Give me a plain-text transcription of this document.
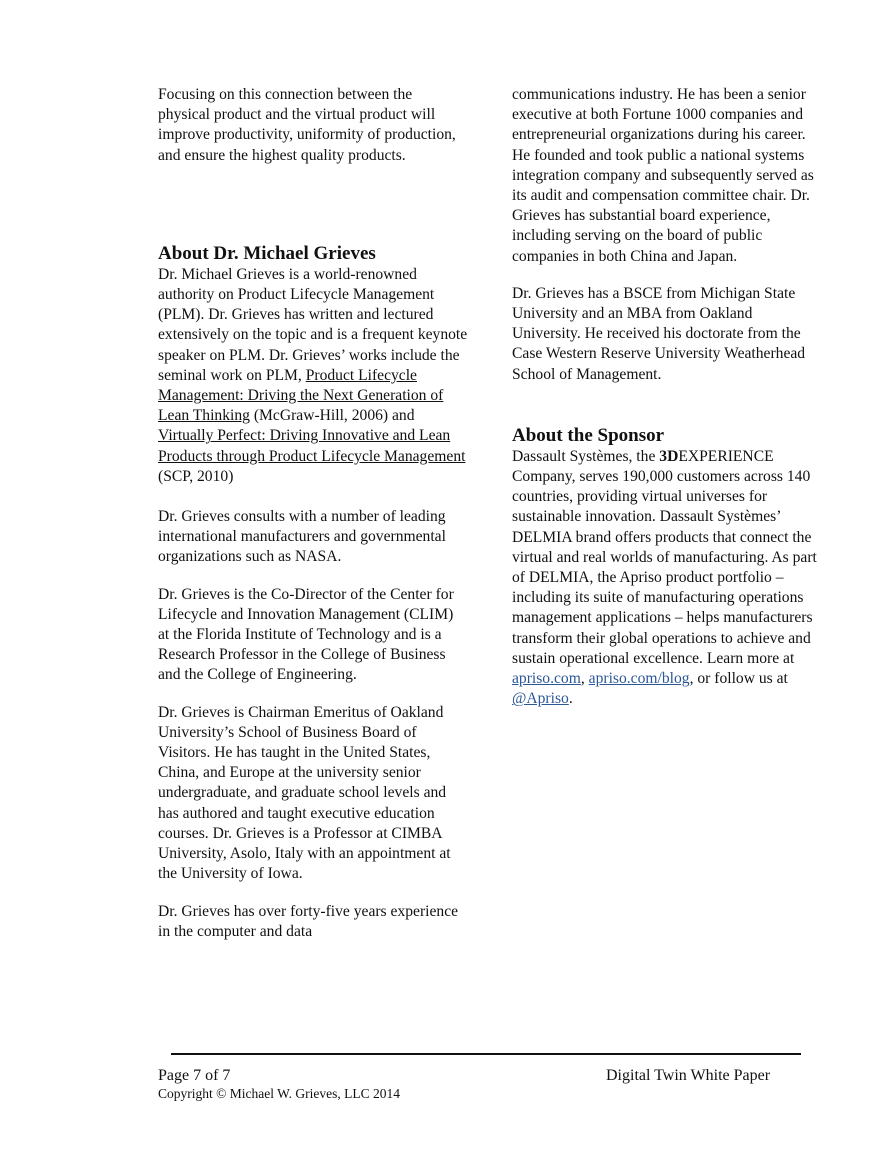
Focusing on this connection between the physical product and the virtual product will improve productivity, uniformity of production, and ensure the highest quality products.

About Dr. Michael Grieves

Dr. Michael Grieves is a world-renowned authority on Product Lifecycle Management (PLM). Dr. Grieves has written and lectured extensively on the topic and is a frequent keynote speaker on PLM. Dr. Grieves’ works include the seminal work on PLM, Product Lifecycle Management: Driving the Next Generation of Lean Thinking (McGraw-Hill, 2006) and Virtually Perfect: Driving Innovative and Lean Products through Product Lifecycle Management (SCP, 2010)

Dr. Grieves consults with a number of leading international manufacturers and governmental organizations such as NASA.

Dr. Grieves is the Co-Director of the Center for Lifecycle and Innovation Management (CLIM) at the Florida Institute of Technology and is a Research Professor in the College of Business and the College of Engineering.

Dr. Grieves is Chairman Emeritus of Oakland University’s School of Business Board of Visitors. He has taught in the United States, China, and Europe at the university senior undergraduate, and graduate school levels and has authored and taught executive education courses. Dr. Grieves is a Professor at CIMBA University, Asolo, Italy with an appointment at the University of Iowa.

Dr. Grieves has over forty-five years experience in the computer and data

communications industry. He has been a senior executive at both Fortune 1000 companies and entrepreneurial organizations during his career. He founded and took public a national systems integration company and subsequently served as its audit and compensation committee chair. Dr. Grieves has substantial board experience, including serving on the board of public companies in both China and Japan.

Dr. Grieves has a BSCE from Michigan State University and an MBA from Oakland University. He received his doctorate from the Case Western Reserve University Weatherhead School of Management.

About the Sponsor

Dassault Systèmes, the 3DEXPERIENCE Company, serves 190,000 customers across 140 countries, providing virtual universes for sustainable innovation. Dassault Systèmes’ DELMIA brand offers products that connect the virtual and real worlds of manufacturing. As part of DELMIA, the Apriso product portfolio – including its suite of manufacturing operations management applications – helps manufacturers transform their global operations to achieve and sustain operational excellence. Learn more at apriso.com, apriso.com/blog, or follow us at @Apriso.

Page 7 of 7
Copyright © Michael W. Grieves, LLC 2014
Digital Twin White Paper
